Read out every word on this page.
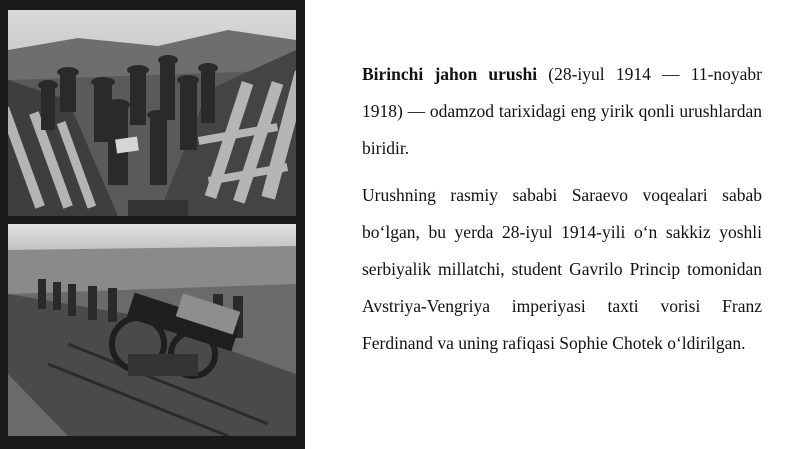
Birinchi jahon urushi (28-iyul 1914 — 11-noyabr 1918) — odamzod tarixidagi eng yirik qonli urushlardan biridir.

Urushning rasmiy sababi Saraevo voqealari sabab bo‘lgan, bu yerda 28-iyul 1914-yili o‘n sakkiz yoshli serbiyalik millatchi, student Gavrilo Princip tomonidan Avstriya-Vengriya imperiyasi taxti vorisi Franz Ferdinand va uning rafiqasi Sophie Chotek o‘ldirilgan.
